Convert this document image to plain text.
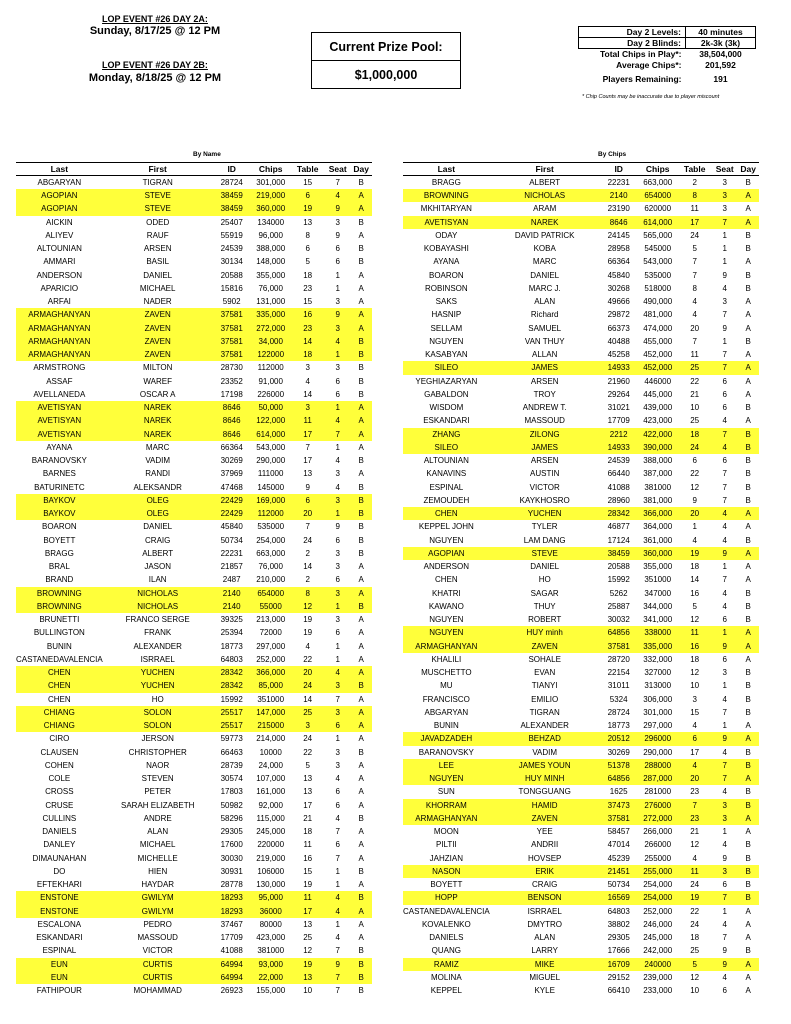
LOP EVENT #26 DAY 2A:
Sunday, 8/17/25 @ 12 PM
LOP EVENT #26 DAY 2B:
Monday, 8/18/25 @ 12 PM
Current Prize Pool:
$1,000,000
Day 2 Levels:	40 minutes
Day 2 Blinds:	2k-3k (3k)
Total Chips in Play*:	38,504,000
Average Chips*:	201,592
Players Remaining:	191
* Chip Counts may be inaccurate due to player miscount
By Name	By Chips
Last	First	ID	Chips	Table	Seat	Day
ABGARYAN	TIGRAN	28724	301,000	15	7	B
AGOPIAN	STEVE	38459	219,000	6	4	A
AGOPIAN	STEVE	38459	360,000	19	9	A
AICKIN	ODED	25407	134000	13	3	B
ALIYEV	RAUF	55919	96,000	8	9	A
ALTOUNIAN	ARSEN	24539	388,000	6	6	B
AMMARI	BASIL	30134	148,000	5	6	B
ANDERSON	DANIEL	20588	355,000	18	1	A
APARICIO	MICHAEL	15816	76,000	23	1	A
ARFAI	NADER	5902	131,000	15	3	A
ARMAGHANYAN	ZAVEN	37581	335,000	16	9	A
ARMAGHANYAN	ZAVEN	37581	272,000	23	3	A
ARMAGHANYAN	ZAVEN	37581	34,000	14	4	B
ARMAGHANYAN	ZAVEN	37581	122000	18	1	B
ARMSTRONG	MILTON	28730	112000	3	3	B
ASSAF	WAREF	23352	91,000	4	6	B
AVELLANEDA	OSCAR A	17198	226000	14	6	B
AVETISYAN	NAREK	8646	50,000	3	1	A
AVETISYAN	NAREK	8646	122,000	11	4	A
AVETISYAN	NAREK	8646	614,000	17	7	A
AYANA	MARC	66364	543,000	7	1	A
BARANOVSKY	VADIM	30269	290,000	17	4	B
BARNES	RANDI	37969	111000	13	3	A
BATURINETC	ALEKSANDR	47468	145000	9	4	B
BAYKOV	OLEG	22429	169,000	6	3	B
BAYKOV	OLEG	22429	112000	20	1	B
BOARON	DANIEL	45840	535000	7	9	B
BOYETT	CRAIG	50734	254,000	24	6	B
BRAGG	ALBERT	22231	663,000	2	3	B
BRAL	JASON	21857	76,000	14	3	A
BRAND	ILAN	2487	210,000	2	6	A
BROWNING	NICHOLAS	2140	654000	8	3	A
BROWNING	NICHOLAS	2140	55000	12	1	B
BRUNETTI	FRANCO SERGE	39325	213,000	19	3	A
BULLINGTON	FRANK	25394	72000	19	6	A
BUNIN	ALEXANDER	18773	297,000	4	1	A
CASTANEDAVALENCIA	ISRRAEL	64803	252,000	22	1	A
CHEN	YUCHEN	28342	366,000	20	4	A
CHEN	YUCHEN	28342	85,000	24	3	B
CHEN	HO	15992	351000	14	7	A
CHIANG	SOLON	25517	147,000	25	3	A
CHIANG	SOLON	25517	215000	3	6	A
CIRO	JERSON	59773	214,000	24	1	A
CLAUSEN	CHRISTOPHER	66463	10000	22	3	B
COHEN	NAOR	28739	24,000	5	3	A
COLE	STEVEN	30574	107,000	13	4	A
CROSS	PETER	17803	161,000	13	6	A
CRUSE	SARAH ELIZABETH	50982	92,000	17	6	A
CULLINS	ANDRE	58296	115,000	21	4	B
DANIELS	ALAN	29305	245,000	18	7	A
DANLEY	MICHAEL	17600	220000	11	6	A
DIMAUNAHAN	MICHELLE	30030	219,000	16	7	A
DO	HIEN	30931	106000	15	1	B
EFTEKHARI	HAYDAR	28778	130,000	19	1	A
ENSTONE	GWILYM	18293	95,000	11	4	B
ENSTONE	GWILYM	18293	36000	17	4	A
ESCALONA	PEDRO	37467	80000	13	1	A
ESKANDARI	MASSOUD	17709	423,000	25	4	A
ESPINAL	VICTOR	41088	381000	12	7	B
EUN	CURTIS	64994	93,000	19	9	B
EUN	CURTIS	64994	22,000	13	7	B
FATHIPOUR	MOHAMMAD	26923	155,000	10	7	B
Last	First	ID	Chips	Table	Seat	Day
BRAGG	ALBERT	22231	663,000	2	3	B
BROWNING	NICHOLAS	2140	654000	8	3	A
MKHITARYAN	ARAM	23190	620000	11	3	A
AVETISYAN	NAREK	8646	614,000	17	7	A
ODAY	DAVID PATRICK	24145	565,000	24	1	B
KOBAYASHI	KOBA	28958	545000	5	1	B
AYANA	MARC	66364	543,000	7	1	A
BOARON	DANIEL	45840	535000	7	9	B
ROBINSON	MARC J.	30268	518000	8	4	B
SAKS	ALAN	49666	490,000	4	3	A
HASNIP	Richard	29872	481,000	4	7	A
SELLAM	SAMUEL	66373	474,000	20	9	A
NGUYEN	VAN THUY	40488	455,000	7	1	B
KASABYAN	ALLAN	45258	452,000	11	7	A
SILEO	JAMES	14933	452,000	25	7	A
YEGHIAZARYAN	ARSEN	21960	446000	22	6	A
GABALDON	TROY	29264	445,000	21	6	A
WISDOM	ANDREW T.	31021	439,000	10	6	B
ESKANDARI	MASSOUD	17709	423,000	25	4	A
ZHANG	ZILONG	2212	422,000	18	7	B
SILEO	JAMES	14933	390,000	24	4	B
ALTOUNIAN	ARSEN	24539	388,000	6	6	B
KANAVINS	AUSTIN	66440	387,000	22	7	B
ESPINAL	VICTOR	41088	381000	12	7	B
ZEMOUDEH	KAYKHOSRO	28960	381,000	9	7	B
CHEN	YUCHEN	28342	366,000	20	4	A
KEPPEL JOHN	TYLER	46877	364,000	1	4	A
NGUYEN	LAM DANG	17124	361,000	4	4	B
AGOPIAN	STEVE	38459	360,000	19	9	A
ANDERSON	DANIEL	20588	355,000	18	1	A
CHEN	HO	15992	351000	14	7	A
KHATRI	SAGAR	5262	347000	16	4	B
KAWANO	THUY	25887	344,000	5	4	B
NGUYEN	ROBERT	30032	341,000	12	6	B
NGUYEN	HUY minh	64856	338000	11	1	A
ARMAGHANYAN	ZAVEN	37581	335,000	16	9	A
KHALILI	SOHALE	28720	332,000	18	6	A
MUSCHETTO	EVAN	22154	327000	12	3	B
MU	TIANYI	31011	313000	10	1	B
FRANCISCO	EMILIO	5324	306,000	3	4	B
ABGARYAN	TIGRAN	28724	301,000	15	7	B
BUNIN	ALEXANDER	18773	297,000	4	1	A
JAVADZADEH	BEHZAD	20512	296000	6	9	A
BARANOVSKY	VADIM	30269	290,000	17	4	B
LEE	JAMES YOUN	51378	288000	4	7	B
NGUYEN	HUY MINH	64856	287,000	20	7	A
SUN	TONGGUANG	1625	281000	23	4	B
KHORRAM	HAMID	37473	276000	7	3	B
ARMAGHANYAN	ZAVEN	37581	272,000	23	3	A
MOON	YEE	58457	266,000	21	1	A
PILTII	ANDRII	47014	266000	12	4	B
JAHZIAN	HOVSEP	45239	255000	4	9	B
NASON	ERIK	21451	255,000	11	3	B
BOYETT	CRAIG	50734	254,000	24	6	B
HOPP	BENSON	16569	254,000	19	7	B
CASTANEDAVALENCIA	ISRRAEL	64803	252,000	22	1	A
KOVALENKO	DMYTRO	38802	246,000	24	4	A
DANIELS	ALAN	29305	245,000	18	7	A
QUANG	LARRY	17666	242,000	25	9	B
RAMIZ	MIKE	16709	240000	5	9	A
MOLINA	MIGUEL	29152	239,000	12	4	A
KEPPEL	KYLE	66410	233,000	10	6	A
